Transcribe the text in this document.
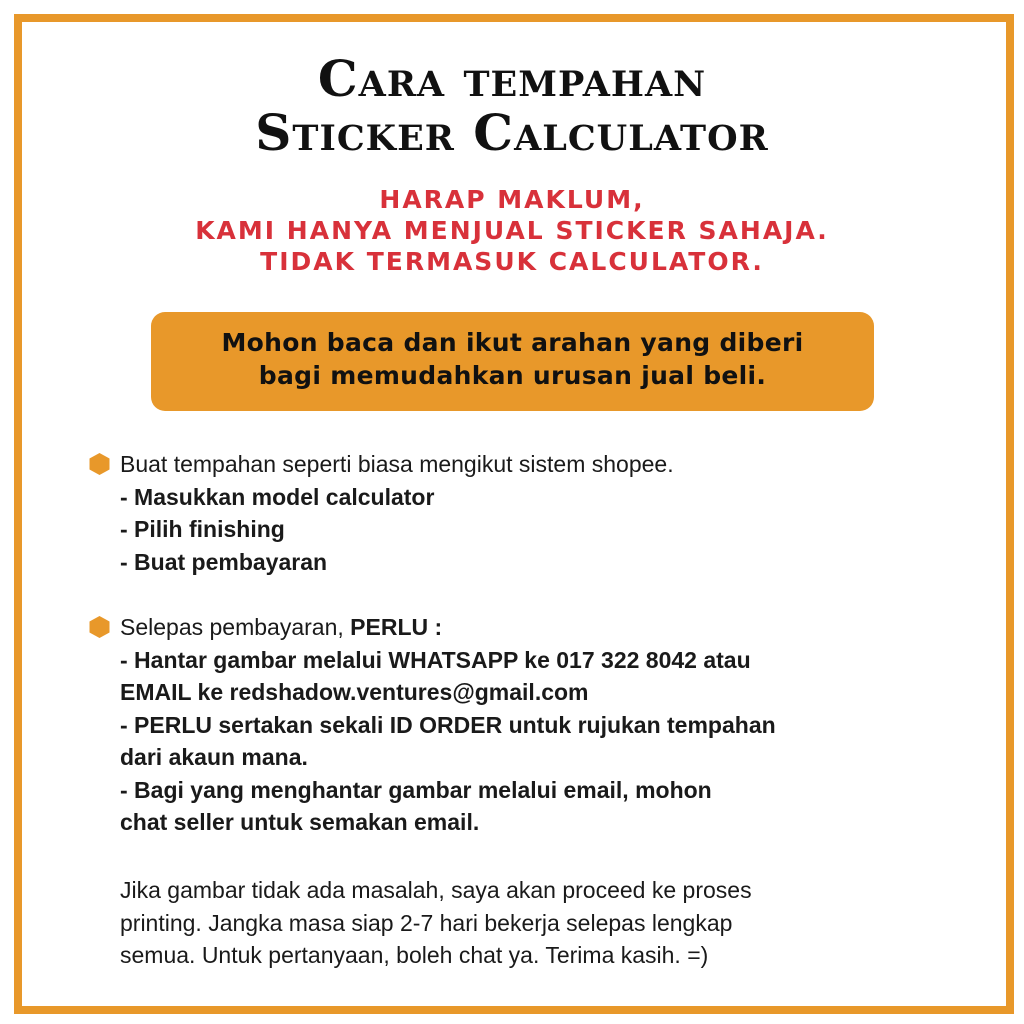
Cara tempahan
Sticker Calculator
HARAP MAKLUM,
KAMI HANYA MENJUAL STICKER SAHAJA.
TIDAK TERMASUK CALCULATOR.
Mohon baca dan ikut arahan yang diberi
bagi memudahkan urusan jual beli.
Buat tempahan seperti biasa mengikut sistem shopee.
- Masukkan model calculator
- Pilih finishing
- Buat pembayaran
Selepas pembayaran, PERLU :
- Hantar gambar melalui WHATSAPP ke 017 322 8042 atau
EMAIL ke redshadow.ventures@gmail.com
- PERLU sertakan sekali ID ORDER untuk rujukan tempahan
dari akaun mana.
- Bagi yang menghantar gambar melalui email, mohon
chat seller untuk semakan email.
Jika gambar tidak ada masalah, saya akan proceed ke proses
printing. Jangka masa siap 2-7 hari bekerja selepas lengkap
semua. Untuk pertanyaan, boleh chat ya. Terima kasih. =)
